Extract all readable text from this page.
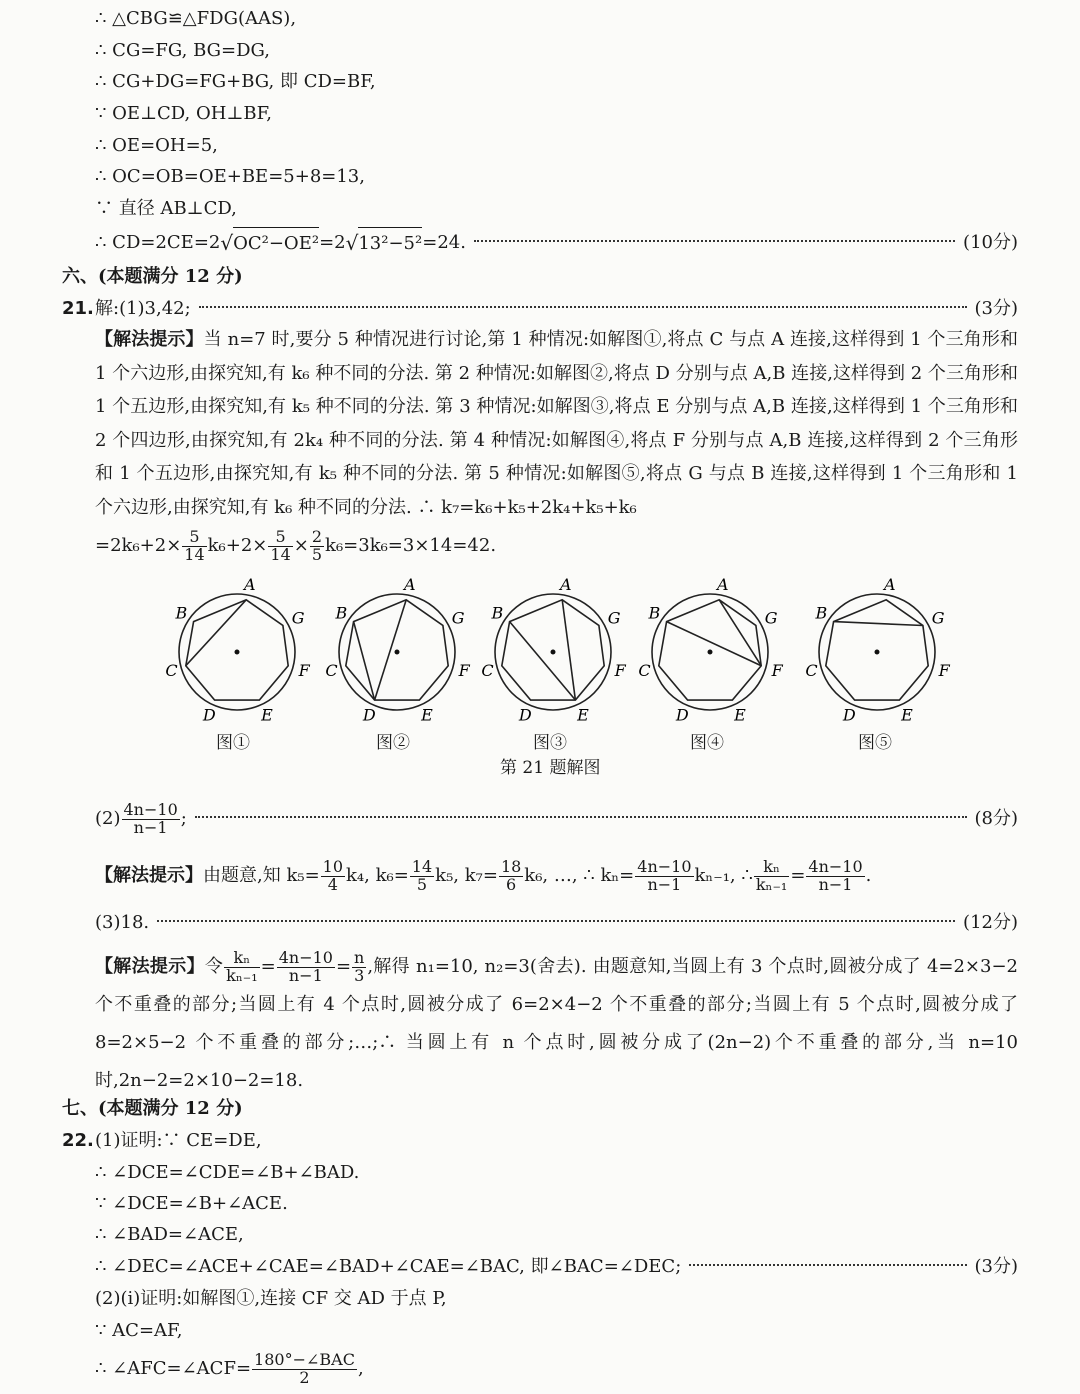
∴ △CBG≌△FDG(AAS),
∴ CG=FG, BG=DG,
∴ CG+DG=FG+BG, 即 CD=BF,
∵ OE⊥CD, OH⊥BF,
∴ OE=OH=5,
∴ OC=OB=OE+BE=5+8=13,
∵ 直径 AB⊥CD,
∴ CD=2CE=2 √ OC²−OE² =2 √ 13²−5² =24.	(10分)
六、(本题满分 12 分)
21. 解:(1)3,42;	(3分)
【解法提示】当 n=7 时,要分 5 种情况进行讨论,第 1 种情况:如解图①,将点 C 与点 A 连接,这样得到 1 个三角形和 1 个六边形,由探究知,有 k₆ 种不同的分法. 第 2 种情况:如解图②,将点 D 分别与点 A,B 连接,这样得到 2 个三角形和 1 个五边形,由探究知,有 k₅ 种不同的分法. 第 3 种情况:如解图③,将点 E 分别与点 A,B 连接,这样得到 1 个三角形和 2 个四边形,由探究知,有 2k₄ 种不同的分法. 第 4 种情况:如解图④,将点 F 分别与点 A,B 连接,这样得到 2 个三角形和 1 个五边形,由探究知,有 k₅ 种不同的分法. 第 5 种情况:如解图⑤,将点 G 与点 B 连接,这样得到 1 个三角形和 1 个六边形,由探究知,有 k₆ 种不同的分法. ∴ k₇=k₆+k₅+2k₄+k₅+k₆
$=2k_6+2\times \frac{5}{14} k_6+2\times \frac{5}{14} \times \frac{2}{5} k_6=3k_6=3\times 14=42$.
A
G
F
E
D
C
B
A
G
F
E
D
C
B
A
G
F
E
D
C
B
A
G
F
E
D
C
B
A
G
F
E
D
C
B
图①	图②	图③	图④	图⑤
第 21 题解图
$(2) \frac{4n-10}{n-1}$ ;	(8分)
【解法提示】由题意,知 $k_5= \frac{10}{4} k_4$, $k_6= \frac{14}{5} k_5$, $k_7= \frac{18}{6} k_6$, …, ∴ $k_n= \frac{4n-10}{n-1} k_{n-1}$, ∴ $\frac{\text{kₙ}}{\text{kₙ₋₁}} = \frac{4n-10}{n-1}$ .
(3)18.	(12分)
【解法提示】令 $\frac{\text{kₙ}}{\text{kₙ₋₁}} = \frac{4n-10}{n-1} = \frac{n}{3}$ ,解得 n₁=10, n₂=3(舍去). 由题意知,当圆上有 3 个点时,圆被分成了 4=2×3−2 个不重叠的部分;当圆上有 4 个点时,圆被分成了 6=2×4−2 个不重叠的部分;当圆上有 5 个点时,圆被分成了 8=2×5−2 个不重叠的部分;…;∴ 当圆上有 n 个点时,圆被分成了(2n−2)个不重叠的部分,当 n=10 时,2n−2=2×10−2=18.
七、(本题满分 12 分)
22. (1)证明:∵ CE=DE,
∴ ∠DCE=∠CDE=∠B+∠BAD.
∵ ∠DCE=∠B+∠ACE.
∴ ∠BAD=∠ACE,
∴ ∠DEC=∠ACE+∠CAE=∠BAD+∠CAE=∠BAC, 即∠BAC=∠DEC;	(3分)
(2)(i)证明:如解图①,连接 CF 交 AD 于点 P,
∵ AC=AF,
∴ ∠AFC=∠ACF= $\frac{\text{180°−∠BAC}}{2}$ ,
